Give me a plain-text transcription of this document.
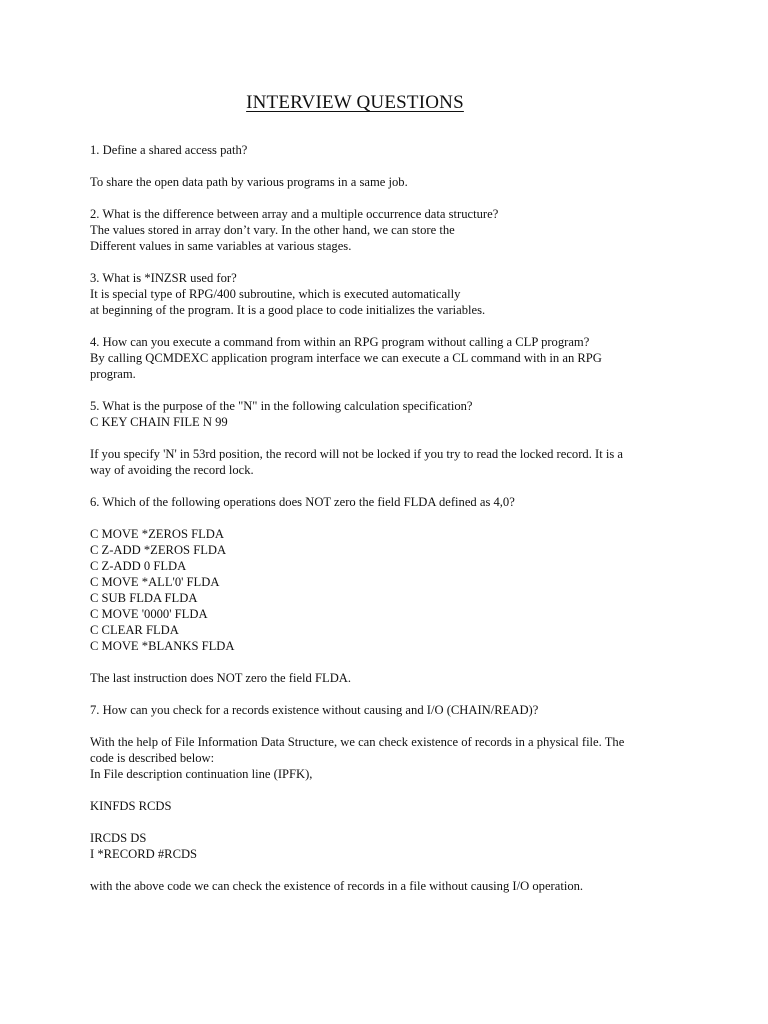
INTERVIEW QUESTIONS
1. Define a shared access path?
To share the open data path by various programs in a same job.
2. What is the difference between array and a multiple occurrence data structure?
The values stored in array don’t vary. In the other hand, we can store the
Different values in same variables at various stages.
3. What is *INZSR used for?
It is special type of RPG/400 subroutine, which is executed automatically
at beginning of the program. It is a good place to code initializes the variables.
4. How can you execute a command from within an RPG program without calling a CLP program?
By calling QCMDEXC application program interface we can execute a CL command with in an RPG
program.
5. What is the purpose of the "N" in the following calculation specification?
C KEY CHAIN FILE N 99
If you specify 'N' in 53rd position, the record will not be locked if you try to read the locked record. It is a
way of avoiding the record lock.
6. Which of the following operations does NOT zero the field FLDA defined as 4,0?
C MOVE *ZEROS FLDA
C Z-ADD *ZEROS FLDA
C Z-ADD 0 FLDA
C MOVE *ALL'0' FLDA
C SUB FLDA FLDA
C MOVE '0000' FLDA
C CLEAR FLDA
C MOVE *BLANKS FLDA
The last instruction does NOT zero the field FLDA.
7. How can you check for a records existence without causing and I/O (CHAIN/READ)?
With the help of File Information Data Structure, we can check existence of records in a physical file. The
code is described below:
In File description continuation line (IPFK),
KINFDS RCDS
IRCDS DS
I *RECORD #RCDS
with the above code we can check the existence of records in a file without causing I/O operation.
